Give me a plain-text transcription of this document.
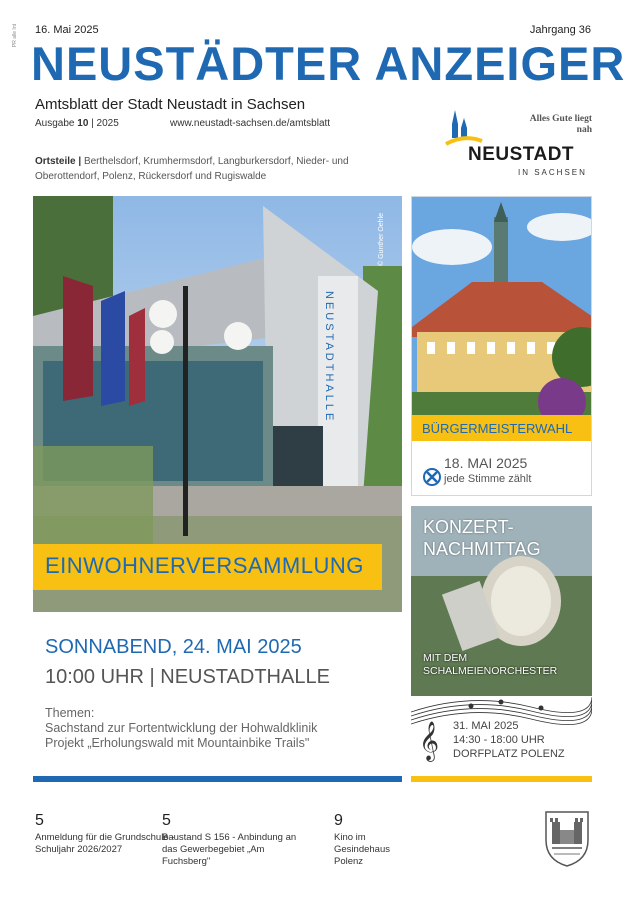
PR alle Int 16. Mai 2025	Jahrgang 36
NEUSTÄDTER ANZEIGER
Amtsblatt der Stadt Neustadt in Sachsen
Ausgabe 10 | 2025	www.neustadt-sachsen.de/amtsblatt
Ortsteile | Berthelsdorf, Krumhermsdorf, Langburkersdorf, Nieder- und Oberottendorf, Polenz, Rückersdorf und Rugiswalde
Alles Gute liegt nah
NEUSTADT
IN SACHSEN
© Gunther Oehle
NEUSTADTHALLE
EINWOHNERVERSAMMLUNG
SONNABEND, 24. MAI 2025
10:00 UHR | NEUSTADTHALLE
Themen:
Sachstand zur Fortentwicklung der Hohwaldklinik
Projekt „Erholungswald mit Mountainbike Trails"
BÜRGERMEISTERWAHL
18. MAI 2025
jede Stimme zählt
KONZERT-
NACHMITTAG
MIT DEM
SCHALMEIENORCHESTER
𝄞 31. MAI 2025
14:30 - 18:00 UHR
DORFPLATZ POLENZ
5
Anmeldung für die Grundschule - Schuljahr 2026/2027
5
Baustand S 156 - Anbindung an das Gewerbegebiet „Am Fuchsberg"
9
Kino im Gesindehaus Polenz
